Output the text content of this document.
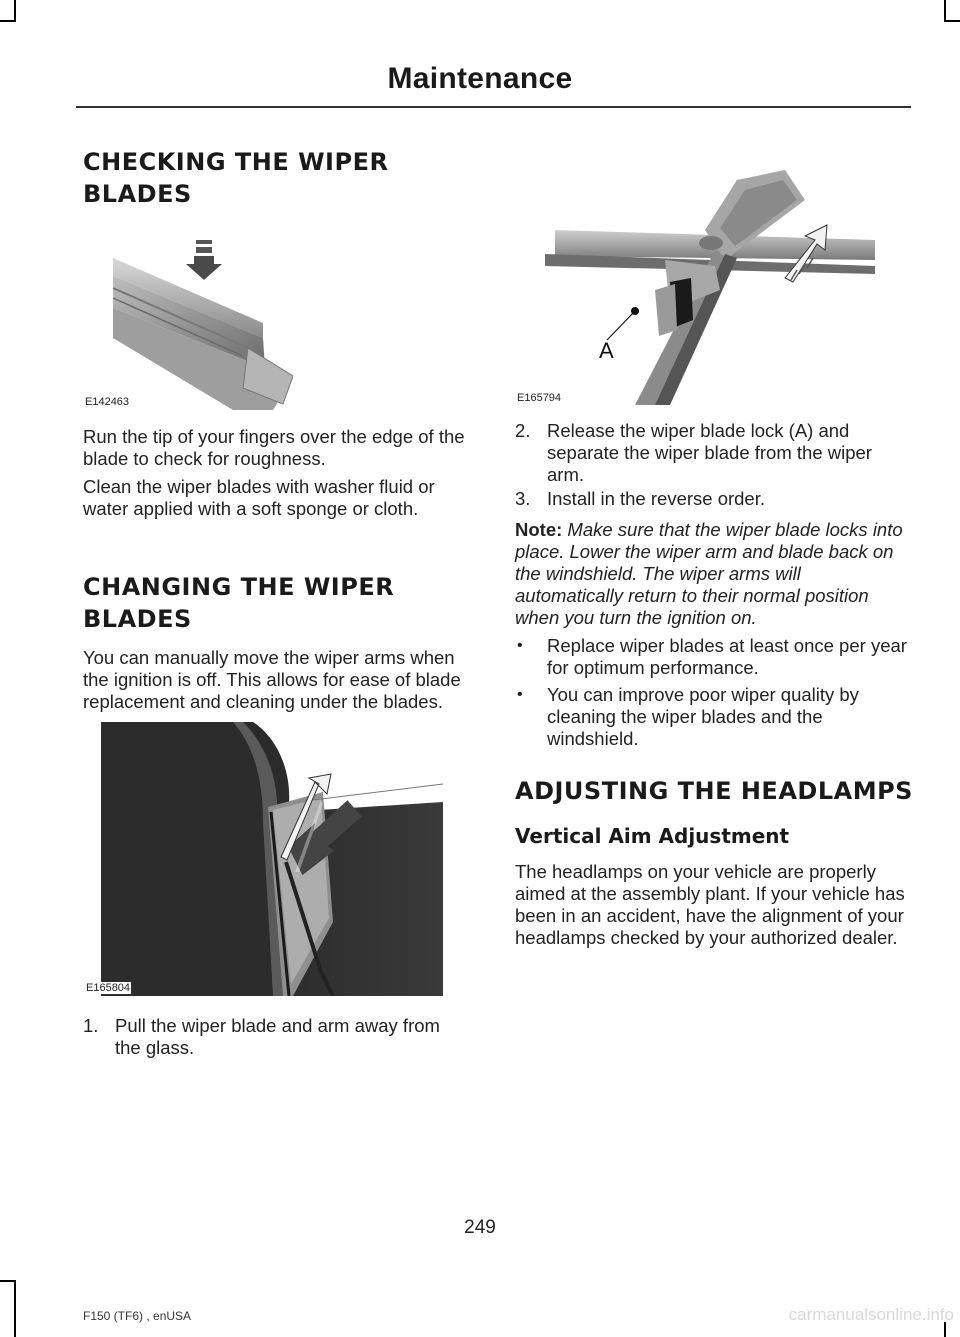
Maintenance
CHECKING THE WIPER
BLADES
E142463

Run the tip of your fingers over the edge of the blade to check for roughness.

Clean the wiper blades with washer fluid or water applied with a soft sponge or cloth.

CHANGING THE WIPER
BLADES

You can manually move the wiper arms when the ignition is off. This allows for ease of blade replacement and cleaning under the blades.

E165804
1. Pull the wiper blade and arm away from the glass.
A
E165794
2. Release the wiper blade lock (A) and separate the wiper blade from the wiper arm.
3. Install in the reverse order.

Note: Make sure that the wiper blade locks into place. Lower the wiper arm and blade back on the windshield. The wiper arms will automatically return to their normal position when you turn the ignition on.

• Replace wiper blades at least once per year for optimum performance.
• You can improve poor wiper quality by cleaning the wiper blades and the windshield.
ADJUSTING THE HEADLAMPS
Vertical Aim Adjustment

The headlamps on your vehicle are properly aimed at the assembly plant. If your vehicle has been in an accident, have the alignment of your headlamps checked by your authorized dealer.

249
F150 (TF6) , enUSA	carmanualsonline.info
